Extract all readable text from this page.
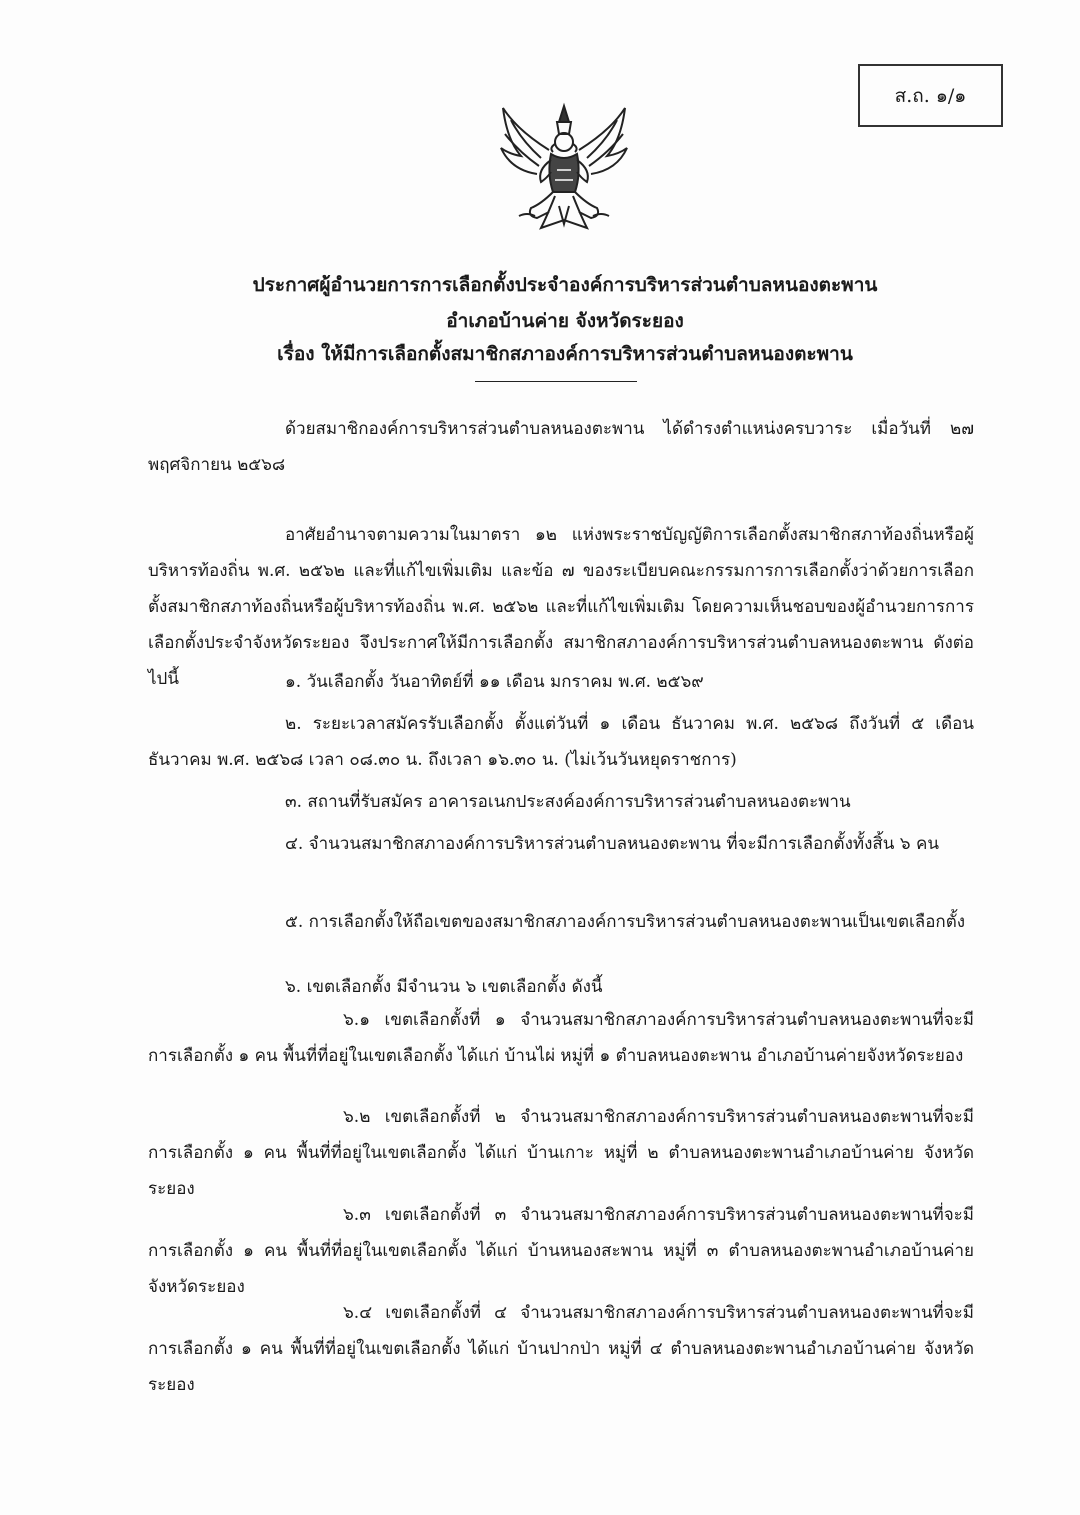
ส.ถ. ๑/๑
ประกาศผู้อำนวยการการเลือกตั้งประจำองค์การบริหารส่วนตำบลหนองตะพาน
อำเภอบ้านค่าย จังหวัดระยอง
เรื่อง ให้มีการเลือกตั้งสมาชิกสภาองค์การบริหารส่วนตำบลหนองตะพาน

ด้วยสมาชิกองค์การบริหารส่วนตำบลหนองตะพาน ได้ดำรงตำแหน่งครบวาระ เมื่อวันที่ ๒๗ พฤศจิกายน ๒๕๖๘

อาศัยอำนาจตามความในมาตรา ๑๒ แห่งพระราชบัญญัติการเลือกตั้งสมาชิกสภาท้องถิ่นหรือผู้บริหารท้องถิ่น พ.ศ. ๒๕๖๒ และที่แก้ไขเพิ่มเติม และข้อ ๗ ของระเบียบคณะกรรมการการเลือกตั้งว่าด้วยการเลือกตั้งสมาชิกสภาท้องถิ่นหรือผู้บริหารท้องถิ่น พ.ศ. ๒๕๖๒ และที่แก้ไขเพิ่มเติม โดยความเห็นชอบของผู้อำนวยการการเลือกตั้งประจำจังหวัดระยอง จึงประกาศให้มีการเลือกตั้ง สมาชิกสภาองค์การบริหารส่วนตำบลหนองตะพาน ดังต่อไปนี้	๑. วันเลือกตั้ง วันอาทิตย์ที่ ๑๑ เดือน มกราคม พ.ศ. ๒๕๖๙

๒. ระยะเวลาสมัครรับเลือกตั้ง ตั้งแต่วันที่ ๑ เดือน ธันวาคม พ.ศ. ๒๕๖๘ ถึงวันที่ ๕ เดือน ธันวาคม พ.ศ. ๒๕๖๘ เวลา ๐๘.๓๐ น. ถึงเวลา ๑๖.๓๐ น. (ไม่เว้นวันหยุดราชการ)

๓. สถานที่รับสมัคร อาคารอเนกประสงค์องค์การบริหารส่วนตำบลหนองตะพาน

๔. จำนวนสมาชิกสภาองค์การบริหารส่วนตำบลหนองตะพาน ที่จะมีการเลือกตั้งทั้งสิ้น ๖ คน

๕. การเลือกตั้งให้ถือเขตของสมาชิกสภาองค์การบริหารส่วนตำบลหนองตะพานเป็นเขตเลือกตั้ง

๖. เขตเลือกตั้ง มีจำนวน ๖ เขตเลือกตั้ง ดังนี้

๖.๑ เขตเลือกตั้งที่ ๑ จำนวนสมาชิกสภาองค์การบริหารส่วนตำบลหนองตะพานที่จะมีการเลือกตั้ง ๑ คน พื้นที่ที่อยู่ในเขตเลือกตั้ง ได้แก่ บ้านไผ่ หมู่ที่ ๑ ตำบลหนองตะพาน อำเภอบ้านค่ายจังหวัดระยอง

๖.๒ เขตเลือกตั้งที่ ๒ จำนวนสมาชิกสภาองค์การบริหารส่วนตำบลหนองตะพานที่จะมีการเลือกตั้ง ๑ คน พื้นที่ที่อยู่ในเขตเลือกตั้ง ได้แก่ บ้านเกาะ หมู่ที่ ๒ ตำบลหนองตะพานอำเภอบ้านค่าย จังหวัดระยอง

๖.๓ เขตเลือกตั้งที่ ๓ จำนวนสมาชิกสภาองค์การบริหารส่วนตำบลหนองตะพานที่จะมีการเลือกตั้ง ๑ คน พื้นที่ที่อยู่ในเขตเลือกตั้ง ได้แก่ บ้านหนองสะพาน หมู่ที่ ๓ ตำบลหนองตะพานอำเภอบ้านค่าย จังหวัดระยอง

๖.๔ เขตเลือกตั้งที่ ๔ จำนวนสมาชิกสภาองค์การบริหารส่วนตำบลหนองตะพานที่จะมีการเลือกตั้ง ๑ คน พื้นที่ที่อยู่ในเขตเลือกตั้ง ได้แก่ บ้านปากป่า หมู่ที่ ๔ ตำบลหนองตะพานอำเภอบ้านค่าย จังหวัดระยอง
